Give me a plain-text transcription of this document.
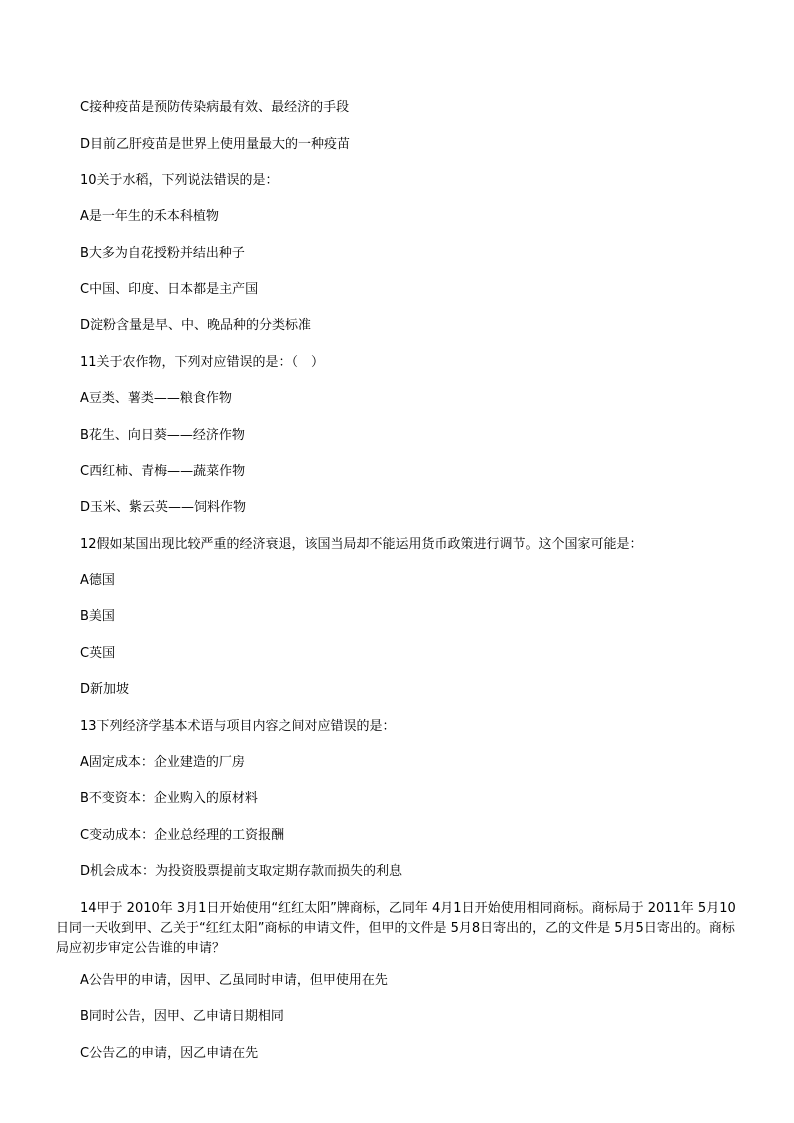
C接种疫苗是预防传染病最有效、最经济的手段
D目前乙肝疫苗是世界上使用量最大的一种疫苗
10关于水稻，下列说法错误的是：
A是一年生的禾本科植物
B大多为自花授粉并结出种子
C中国、印度、日本都是主产国
D淀粉含量是早、中、晚品种的分类标准
11关于农作物，下列对应错误的是：（　）
A豆类、薯类——粮食作物
B花生、向日葵——经济作物
C西红柿、青梅——蔬菜作物
D玉米、紫云英——饲料作物
12假如某国出现比较严重的经济衰退，该国当局却不能运用货币政策进行调节。这个国家可能是：
A德国
B美国
C英国
D新加坡
13下列经济学基本术语与项目内容之间对应错误的是：
A固定成本：企业建造的厂房
B不变资本：企业购入的原材料
C变动成本：企业总经理的工资报酬
D机会成本：为投资股票提前支取定期存款而损失的利息
14甲于 2010年 3月1日开始使用“红红太阳”牌商标，乙同年 4月1日开始使用相同商标。商标局于 2011年 5月10日同一天收到甲、乙关于“红红太阳”商标的申请文件，但甲的文件是 5月8日寄出的，乙的文件是 5月5日寄出的。商标局应初步审定公告谁的申请？
A公告甲的申请，因甲、乙虽同时申请，但甲使用在先
B同时公告，因甲、乙申请日期相同
C公告乙的申请，因乙申请在先
